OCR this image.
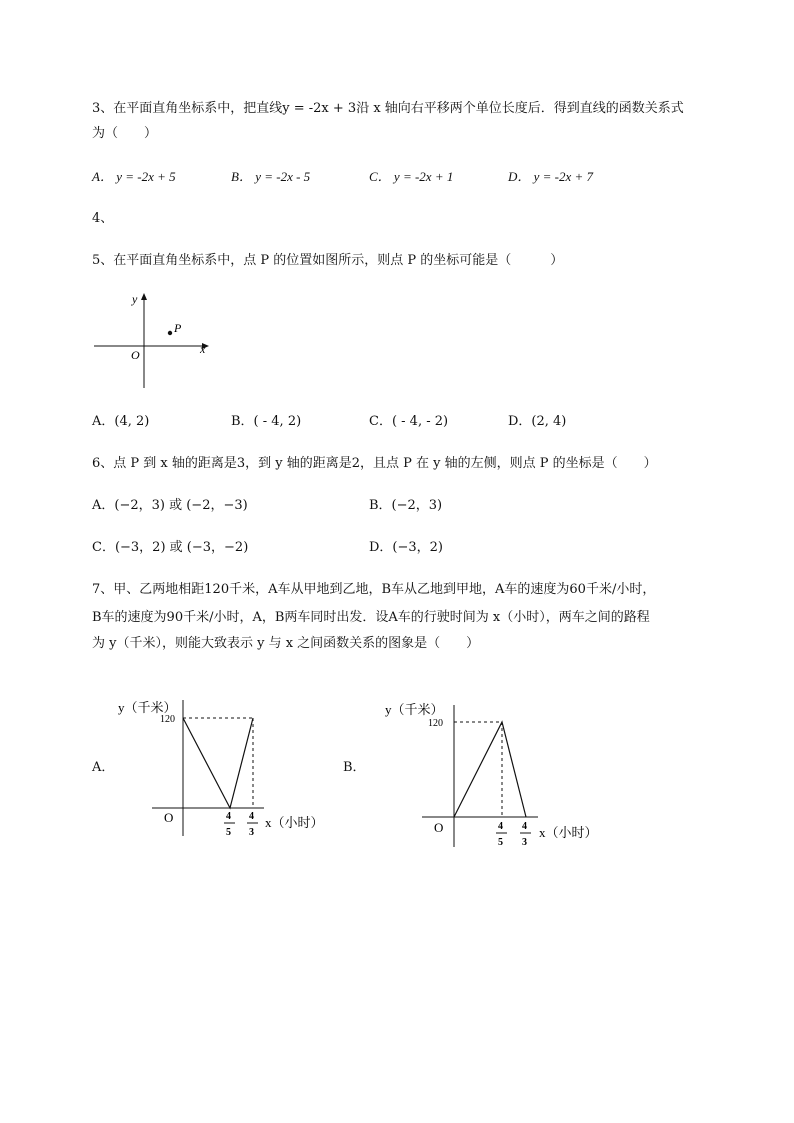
3、在平面直角坐标系中，把直线y = -2x + 3沿 x 轴向右平移两个单位长度后．得到直线的函数关系式
为（　　）
A． y = -2x + 5	B． y = -2x - 5	C． y = -2x + 1	D． y = -2x + 7
4、
5、在平面直角坐标系中，点 P 的位置如图所示，则点 P 的坐标可能是（　　　）
y
x
O
P
A．(4, 2)	B．( - 4, 2)	C．( - 4, - 2)	D．(2, 4)
6、点 P 到 x 轴的距离是3，到 y 轴的距离是2，且点 P 在 y 轴的左侧，则点 P 的坐标是（　　）
A．(−2，3) 或 (−2，−3)	B．(−2，3)
C．(−3，2) 或 (−3，−2)	D．(−3，2)
7、甲、乙两地相距120千米，A车从甲地到乙地，B车从乙地到甲地，A车的速度为60千米/小时，
B车的速度为90千米/小时，A，B两车同时出发．设A车的行驶时间为 x（小时），两车之间的路程
为 y（千米），则能大致表示 y 与 x 之间函数关系的图象是（　　）
A．
y（千米）
120
O	4
5
4
3
x（小时）
B．
y（千米）
120
O	4
5
4
3
x（小时）
